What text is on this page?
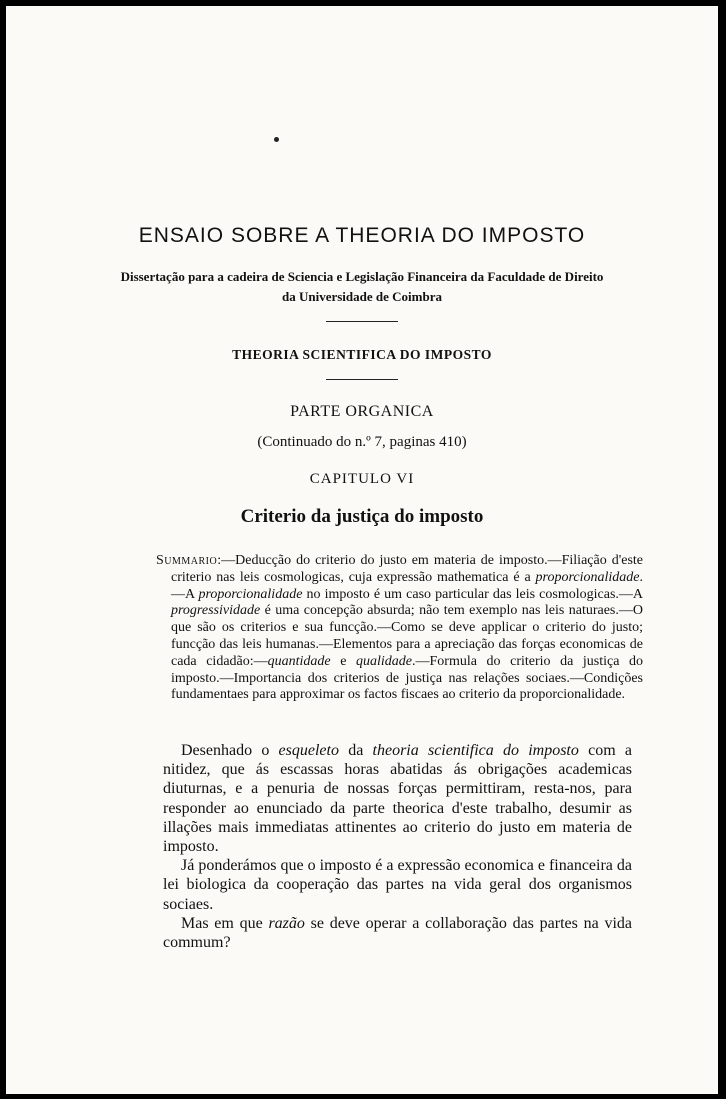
ENSAIO SOBRE A THEORIA DO IMPOSTO
Dissertação para a cadeira de Sciencia e Legislação Financeira da Faculdade de Direito
da Universidade de Coimbra
THEORIA SCIENTIFICA DO IMPOSTO
PARTE ORGANICA
(Continuado do n.º 7, paginas 410)
CAPITULO VI
Criterio da justiça do imposto
Summario:—Deducção do criterio do justo em materia de imposto.—Filiação d'este criterio nas leis cosmologicas, cuja expressão mathematica é a proporcionalidade.—A proporcionalidade no imposto é um caso particular das leis cosmologicas.—A progressividade é uma concepção absurda; não tem exemplo nas leis naturaes.—O que são os criterios e sua funcção.—Como se deve applicar o criterio do justo; funcção das leis humanas.—Elementos para a apreciação das forças economicas de cada cidadão:—quantidade e qualidade.—Formula do criterio da justiça do imposto.—Importancia dos criterios de justiça nas relações sociaes.—Condições fundamentaes para approximar os factos fiscaes ao criterio da proporcionalidade.

Desenhado o esqueleto da theoria scientifica do imposto com a nitidez, que ás escassas horas abatidas ás obrigações academicas diuturnas, e a penuria de nossas forças permittiram, resta-nos, para responder ao enunciado da parte theorica d'este trabalho, desumir as illações mais immediatas attinentes ao criterio do justo em materia de imposto.

Já ponderámos que o imposto é a expressão economica e financeira da lei biologica da cooperação das partes na vida geral dos organismos sociaes.

Mas em que razão se deve operar a collaboração das partes na vida commum?
